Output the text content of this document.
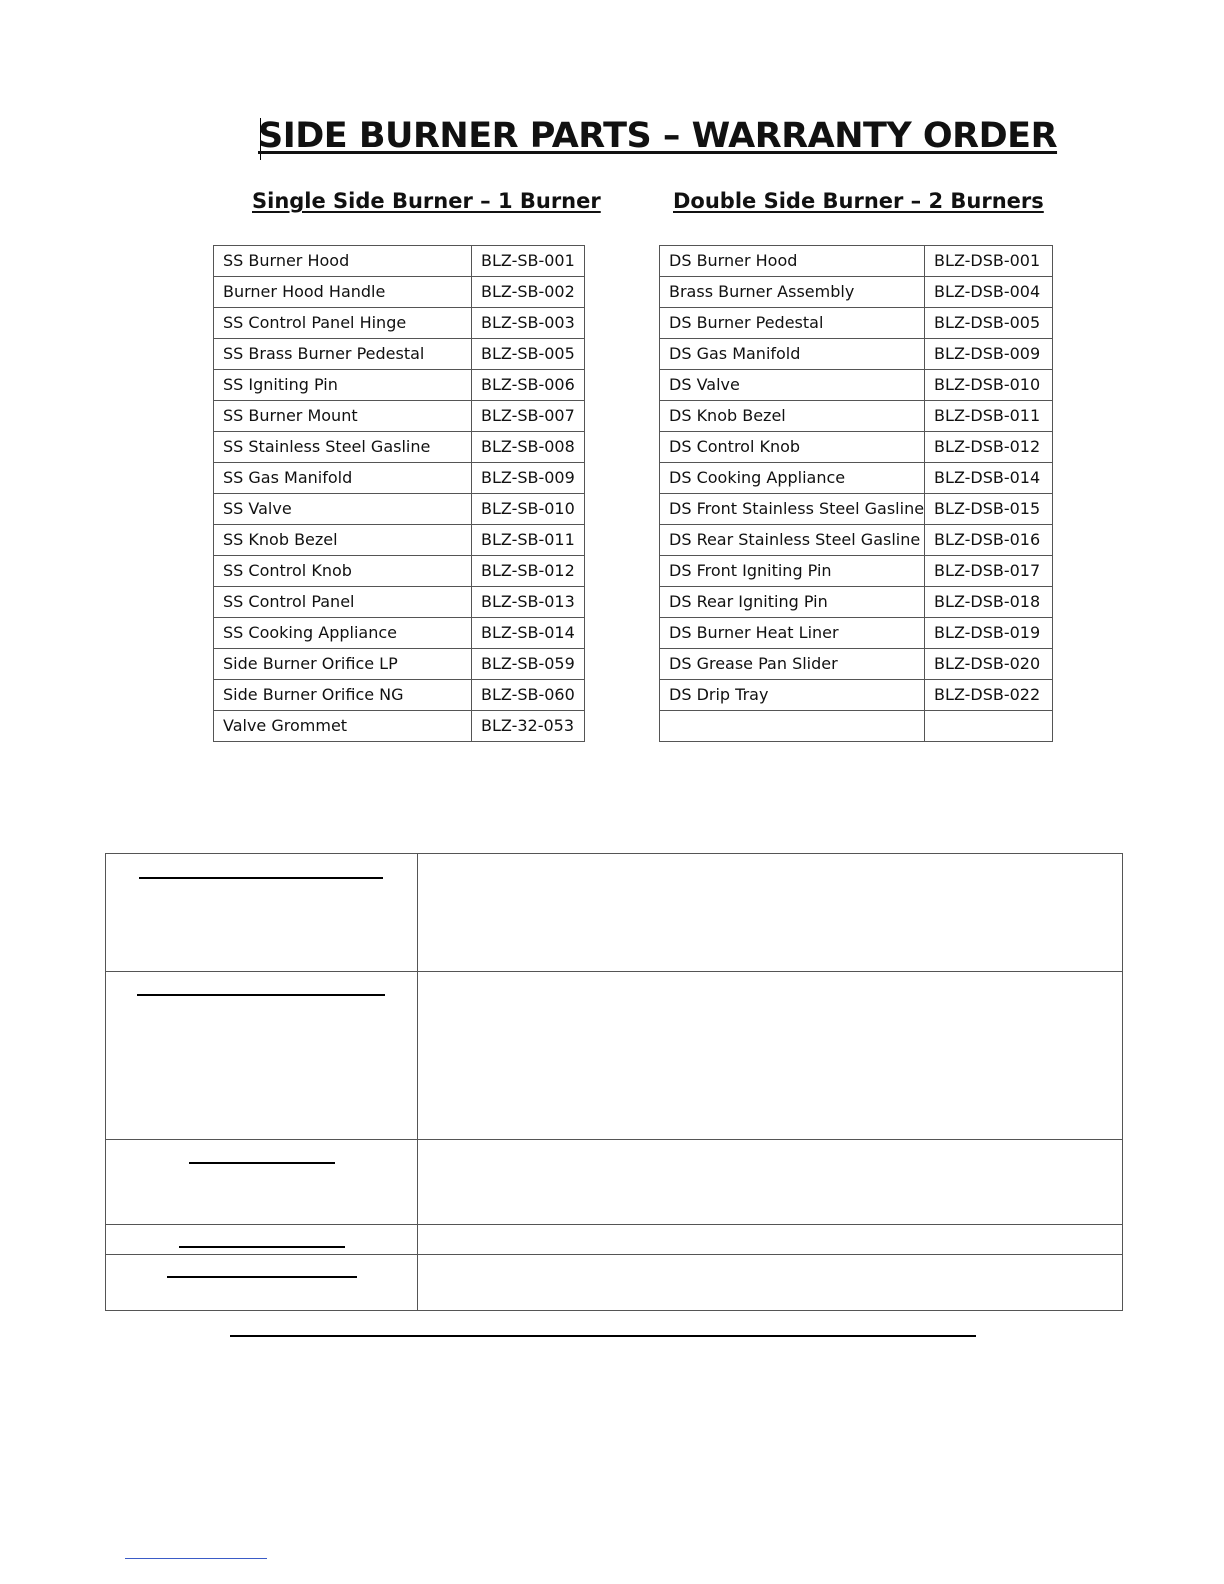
SIDE BURNER PARTS – WARRANTY ORDER
Single Side Burner – 1 Burner	Double Side Burner – 2 Burners
SS Burner Hood	BLZ-SB-001
Burner Hood Handle	BLZ-SB-002
SS Control Panel Hinge	BLZ-SB-003
SS Brass Burner Pedestal	BLZ-SB-005
SS Igniting Pin	BLZ-SB-006
SS Burner Mount	BLZ-SB-007
SS Stainless Steel Gasline	BLZ-SB-008
SS Gas Manifold	BLZ-SB-009
SS Valve	BLZ-SB-010
SS Knob Bezel	BLZ-SB-011
SS Control Knob	BLZ-SB-012
SS Control Panel	BLZ-SB-013
SS Cooking Appliance	BLZ-SB-014
Side Burner Orifice LP	BLZ-SB-059
Side Burner Orifice NG	BLZ-SB-060
Valve Grommet	BLZ-32-053
DS Burner Hood	BLZ-DSB-001
Brass Burner Assembly	BLZ-DSB-004
DS Burner Pedestal	BLZ-DSB-005
DS Gas Manifold	BLZ-DSB-009
DS Valve	BLZ-DSB-010
DS Knob Bezel	BLZ-DSB-011
DS Control Knob	BLZ-DSB-012
DS Cooking Appliance	BLZ-DSB-014
DS Front Stainless Steel Gasline	BLZ-DSB-015
DS Rear Stainless Steel Gasline	BLZ-DSB-016
DS Front Igniting Pin	BLZ-DSB-017
DS Rear Igniting Pin	BLZ-DSB-018
DS Burner Heat Liner	BLZ-DSB-019
DS Grease Pan Slider	BLZ-DSB-020
DS Drip Tray	BLZ-DSB-022
